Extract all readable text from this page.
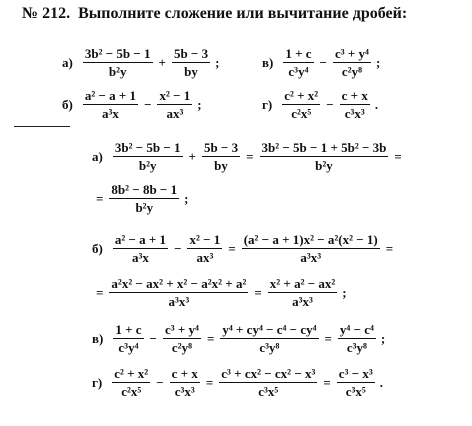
№ 212. Выполните сложение или вычитание дробей:
$а) \frac{\text{3b² − 5b − 1}}{\text{b²y}} + \frac{5b - 3}{by}$ ;	$в) \frac{1 + c}{\text{c³y⁴}} - \frac{\text{c³ + y⁴}}{\text{c²y⁸}}$ ;
$б) \frac{\text{a² − a + 1}}{\text{a³x}} - \frac{\text{x² − 1}}{\text{ax³}}$ ;	$г) \frac{\text{c² + x²}}{\text{c²x⁵}} - \frac{c + x}{\text{c³x³}}$ .
$а) \frac{\text{3b² − 5b − 1}}{\text{b²y}} + \frac{5b - 3}{by} = \frac{\text{3b² − 5b − 1 + 5b² − 3b}}{\text{b²y}}$ =
= $\frac{\text{8b² − 8b − 1}}{\text{b²y}}$ ;
$б) \frac{\text{a² − a + 1}}{\text{a³x}} - \frac{\text{x² − 1}}{\text{ax³}} = \frac{\text{(a² − a + 1)x² − a²(x² − 1)}}{\text{a³x³}}$ =
= $\frac{\text{a²x² − ax² + x² − a²x² + a²}}{\text{a³x³}} = \frac{\text{x² + a² − ax²}}{\text{a³x³}}$ ;
$в) \frac{1 + c}{\text{c³y⁴}} - \frac{\text{c³ + y⁴}}{\text{c²y⁸}} = \frac{\text{y⁴ + cy⁴ − c⁴ − cy⁴}}{\text{c³y⁸}} = \frac{\text{y⁴ − c⁴}}{\text{c³y⁸}}$ ;
$г) \frac{\text{c² + x²}}{\text{c²x⁵}} - \frac{c + x}{\text{c³x³}} = \frac{\text{c³ + cx² − cx² − x³}}{\text{c³x⁵}} = \frac{\text{c³ − x³}}{\text{c³x⁵}}$ .
